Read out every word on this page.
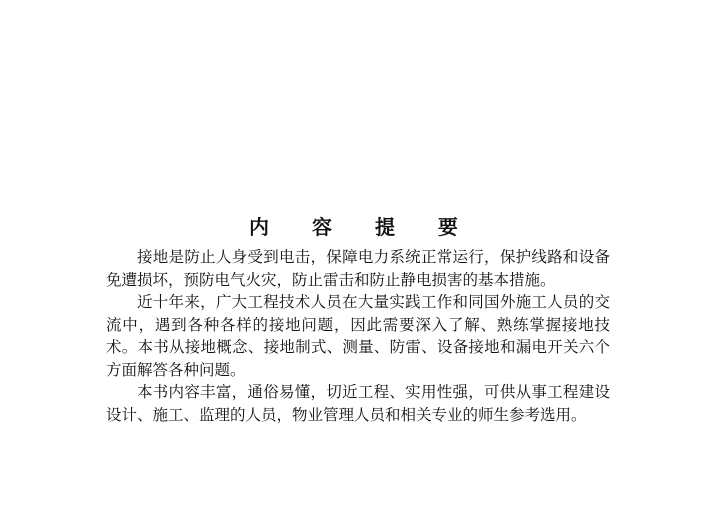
内 容 提 要

接地是防止人身受到电击，保障电力系统正常运行，保护线路和设备免遭损坏，预防电气火灾，防止雷击和防止静电损害的基本措施。

近十年来，广大工程技术人员在大量实践工作和同国外施工人员的交流中，遇到各种各样的接地问题，因此需要深入了解、熟练掌握接地技术。本书从接地概念、接地制式、测量、防雷、设备接地和漏电开关六个方面解答各种问题。

本书内容丰富，通俗易懂，切近工程、实用性强，可供从事工程建设设计、施工、监理的人员，物业管理人员和相关专业的师生参考选用。
